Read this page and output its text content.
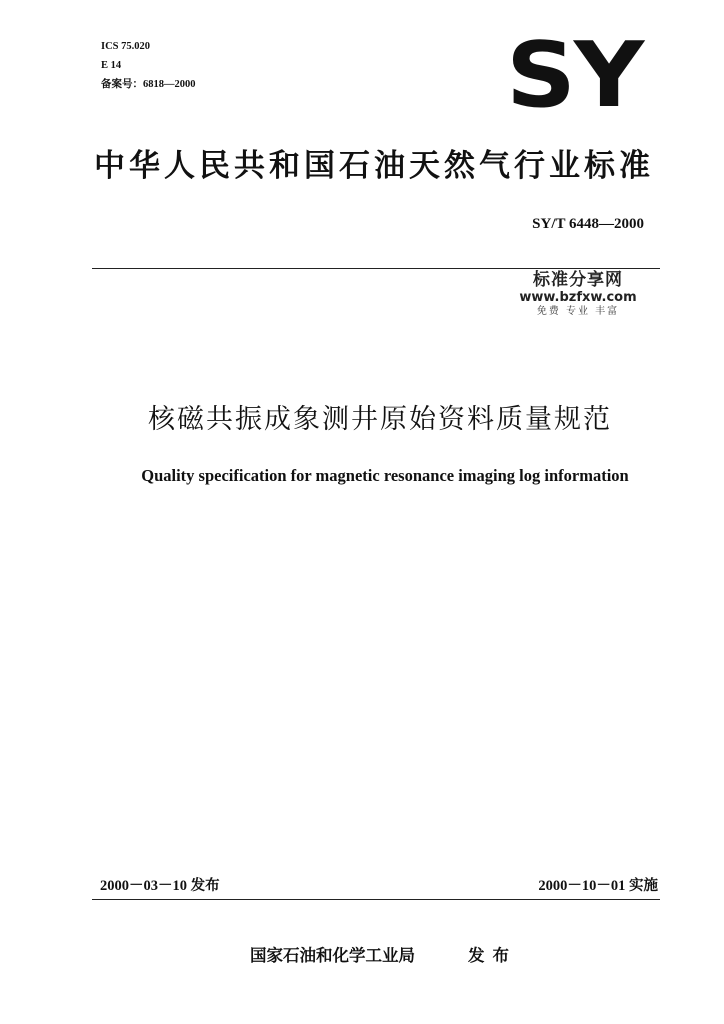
ICS 75.020
E 14
备案号：6818—2000	SY
中华人民共和国石油天然气行业标准
SY/T 6448—2000
标准分享网
www.bzfxw.com
免费 专业 丰富
核磁共振成象测井原始资料质量规范
Quality specification for magnetic resonance imaging log information
2000－03－10 发布	2000－10－01 实施
国家石油和化学工业局	发布
